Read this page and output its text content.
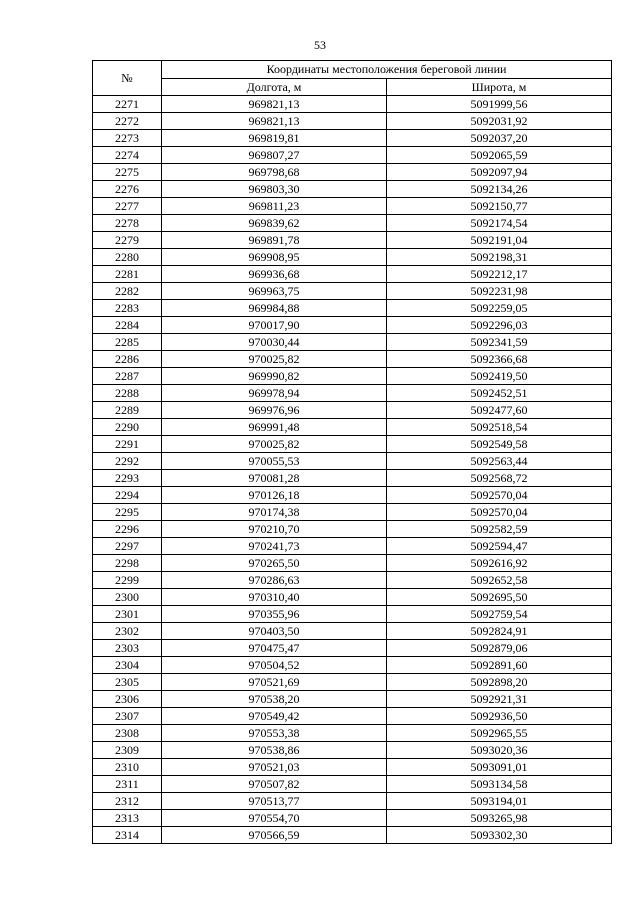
53
№	Координаты местоположения береговой линии	
	Долгота, м	Широта, м
2271	969821,13	5091999,56
2272	969821,13	5092031,92
2273	969819,81	5092037,20
2274	969807,27	5092065,59
2275	969798,68	5092097,94
2276	969803,30	5092134,26
2277	969811,23	5092150,77
2278	969839,62	5092174,54
2279	969891,78	5092191,04
2280	969908,95	5092198,31
2281	969936,68	5092212,17
2282	969963,75	5092231,98
2283	969984,88	5092259,05
2284	970017,90	5092296,03
2285	970030,44	5092341,59
2286	970025,82	5092366,68
2287	969990,82	5092419,50
2288	969978,94	5092452,51
2289	969976,96	5092477,60
2290	969991,48	5092518,54
2291	970025,82	5092549,58
2292	970055,53	5092563,44
2293	970081,28	5092568,72
2294	970126,18	5092570,04
2295	970174,38	5092570,04
2296	970210,70	5092582,59
2297	970241,73	5092594,47
2298	970265,50	5092616,92
2299	970286,63	5092652,58
2300	970310,40	5092695,50
2301	970355,96	5092759,54
2302	970403,50	5092824,91
2303	970475,47	5092879,06
2304	970504,52	5092891,60
2305	970521,69	5092898,20
2306	970538,20	5092921,31
2307	970549,42	5092936,50
2308	970553,38	5092965,55
2309	970538,86	5093020,36
2310	970521,03	5093091,01
2311	970507,82	5093134,58
2312	970513,77	5093194,01
2313	970554,70	5093265,98
2314	970566,59	5093302,30
